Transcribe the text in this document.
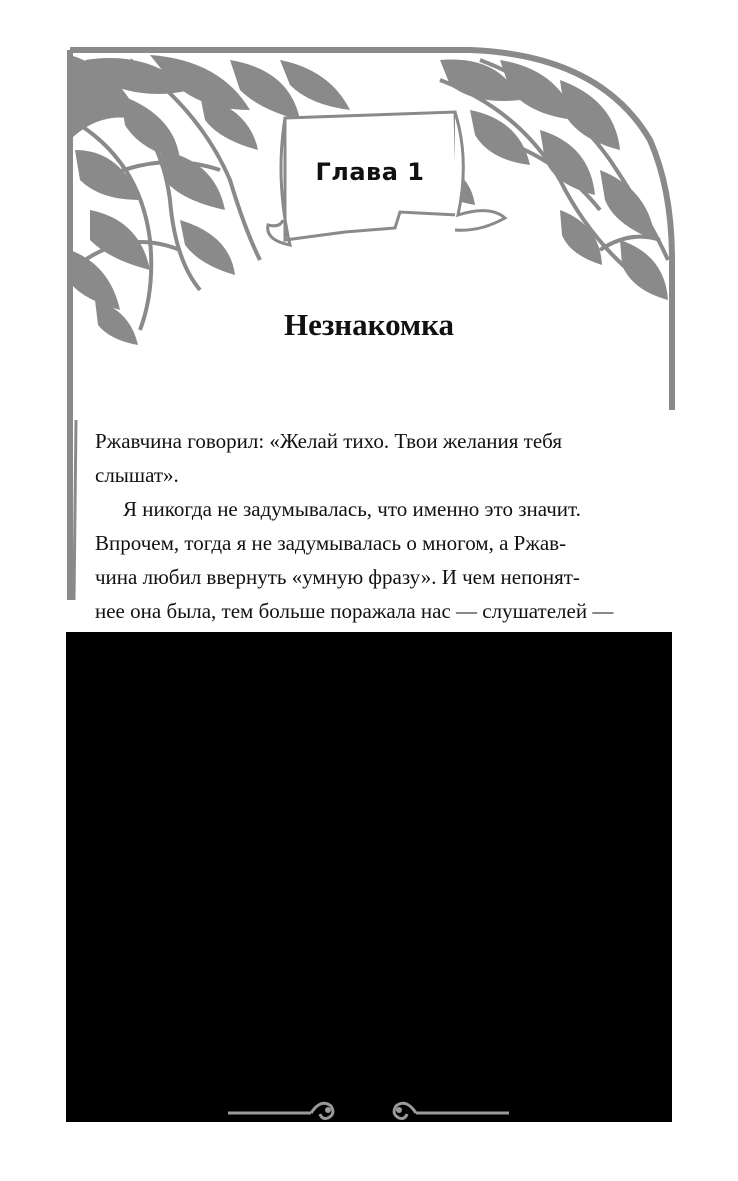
Глава 1
Незнакомка
Ржавчина говорил: «Желай тихо. Твои желания тебя
слышат».
Я никогда не задумывалась, что именно это значит.
Впрочем, тогда я не задумывалась о многом, а Ржав-
чина любил ввернуть «умную фразу». И чем непонят-
нее она была, тем больше поражала нас — слушателей —
